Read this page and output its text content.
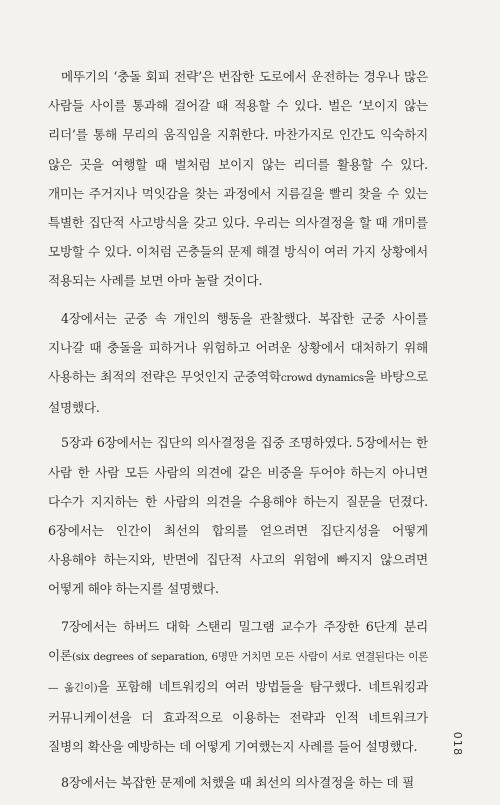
메뚜기의 ‘충돌 회피 전략’은 번잡한 도로에서 운전하는 경우나 많은 사람들 사이를 통과해 걸어갈 때 적용할 수 있다. 벌은 ‘보이지 않는 리더’를 통해 무리의 움직임을 지휘한다. 마찬가지로 인간도 익숙하지 않은 곳을 여행할 때 벌처럼 보이지 않는 리더를 활용할 수 있다. 개미는 주거지나 먹잇감을 찾는 과정에서 지름길을 빨리 찾을 수 있는 특별한 집단적 사고방식을 갖고 있다. 우리는 의사결정을 할 때 개미를 모방할 수 있다. 이처럼 곤충들의 문제 해결 방식이 여러 가지 상황에서 적용되는 사례를 보면 아마 놀랄 것이다.

4장에서는 군중 속 개인의 행동을 관찰했다. 복잡한 군중 사이를 지나갈 때 충돌을 피하거나 위험하고 어려운 상황에서 대처하기 위해 사용하는 최적의 전략은 무엇인지 군중역학crowd dynamics을 바탕으로 설명했다.

5장과 6장에서는 집단의 의사결정을 집중 조명하였다. 5장에서는 한 사람 한 사람 모든 사람의 의견에 같은 비중을 두어야 하는지 아니면 다수가 지지하는 한 사람의 의견을 수용해야 하는지 질문을 던졌다. 6장에서는 인간이 최선의 합의를 얻으려면 집단지성을 어떻게 사용해야 하는지와, 반면에 집단적 사고의 위험에 빠지지 않으려면 어떻게 해야 하는지를 설명했다.

7장에서는 하버드 대학 스탠리 밀그램 교수가 주장한 6단계 분리 이론(six degrees of separation, 6명만 거치면 모든 사람이 서로 연결된다는 이론 — 옮긴이)을 포함해 네트워킹의 여러 방법들을 탐구했다. 네트워킹과 커뮤니케이션을 더 효과적으로 이용하는 전략과 인적 네트워크가 질병의 확산을 예방하는 데 어떻게 기여했는지 사례를 들어 설명했다.

8장에서는 복잡한 문제에 처했을 때 최선의 의사결정을 하는 데 필

018
